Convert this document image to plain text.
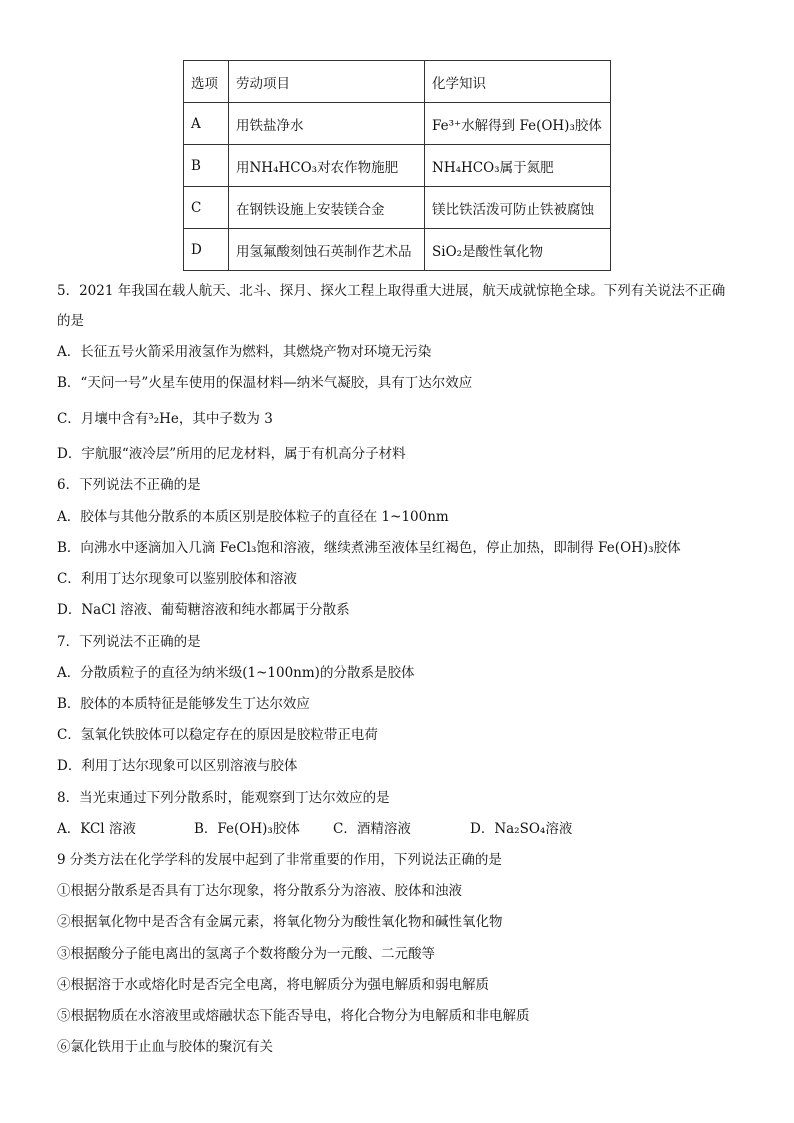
选项	劳动项目	化学知识
A	用铁盐净水	Fe³⁺水解得到 Fe(OH)₃胶体
B	用NH₄HCO₃对农作物施肥	NH₄HCO₃属于氮肥
C	在钢铁设施上安装镁合金	镁比铁活泼可防止铁被腐蚀
D	用氢氟酸刻蚀石英制作艺术品	SiO₂是酸性氧化物
5．2021 年我国在载人航天、北斗、探月、探火工程上取得重大进展，航天成就惊艳全球。下列有关说法不正确
的是
A．长征五号火箭采用液氢作为燃料，其燃烧产物对环境无污染
B．“天问一号”火星车使用的保温材料—纳米气凝胶，具有丁达尔效应
C．月壤中含有³₂He，其中子数为 3
D．宇航服“液冷层”所用的尼龙材料，属于有机高分子材料
6．下列说法不正确的是
A．胶体与其他分散系的本质区别是胶体粒子的直径在 1~100nm
B．向沸水中逐滴加入几滴 FeCl₃饱和溶液，继续煮沸至液体呈红褐色，停止加热，即制得 Fe(OH)₃胶体
C．利用丁达尔现象可以鉴别胶体和溶液
D．NaCl 溶液、葡萄糖溶液和纯水都属于分散系
7．下列说法不正确的是
A．分散质粒子的直径为纳米级(1~100nm)的分散系是胶体
B．胶体的本质特征是能够发生丁达尔效应
C．氢氧化铁胶体可以稳定存在的原因是胶粒带正电荷
D．利用丁达尔现象可以区别溶液与胶体
8．当光束通过下列分散系时，能观察到丁达尔效应的是
A．KCl 溶液	B．Fe(OH)₃胶体 C．酒精溶液	D．Na₂SO₄溶液
9 分类方法在化学学科的发展中起到了非常重要的作用，下列说法正确的是
①根据分散系是否具有丁达尔现象，将分散系分为溶液、胶体和浊液
②根据氧化物中是否含有金属元素，将氧化物分为酸性氧化物和碱性氧化物
③根据酸分子能电离出的氢离子个数将酸分为一元酸、二元酸等
④根据溶于水或熔化时是否完全电离，将电解质分为强电解质和弱电解质
⑤根据物质在水溶液里或熔融状态下能否导电，将化合物分为电解质和非电解质
⑥氯化铁用于止血与胶体的聚沉有关
